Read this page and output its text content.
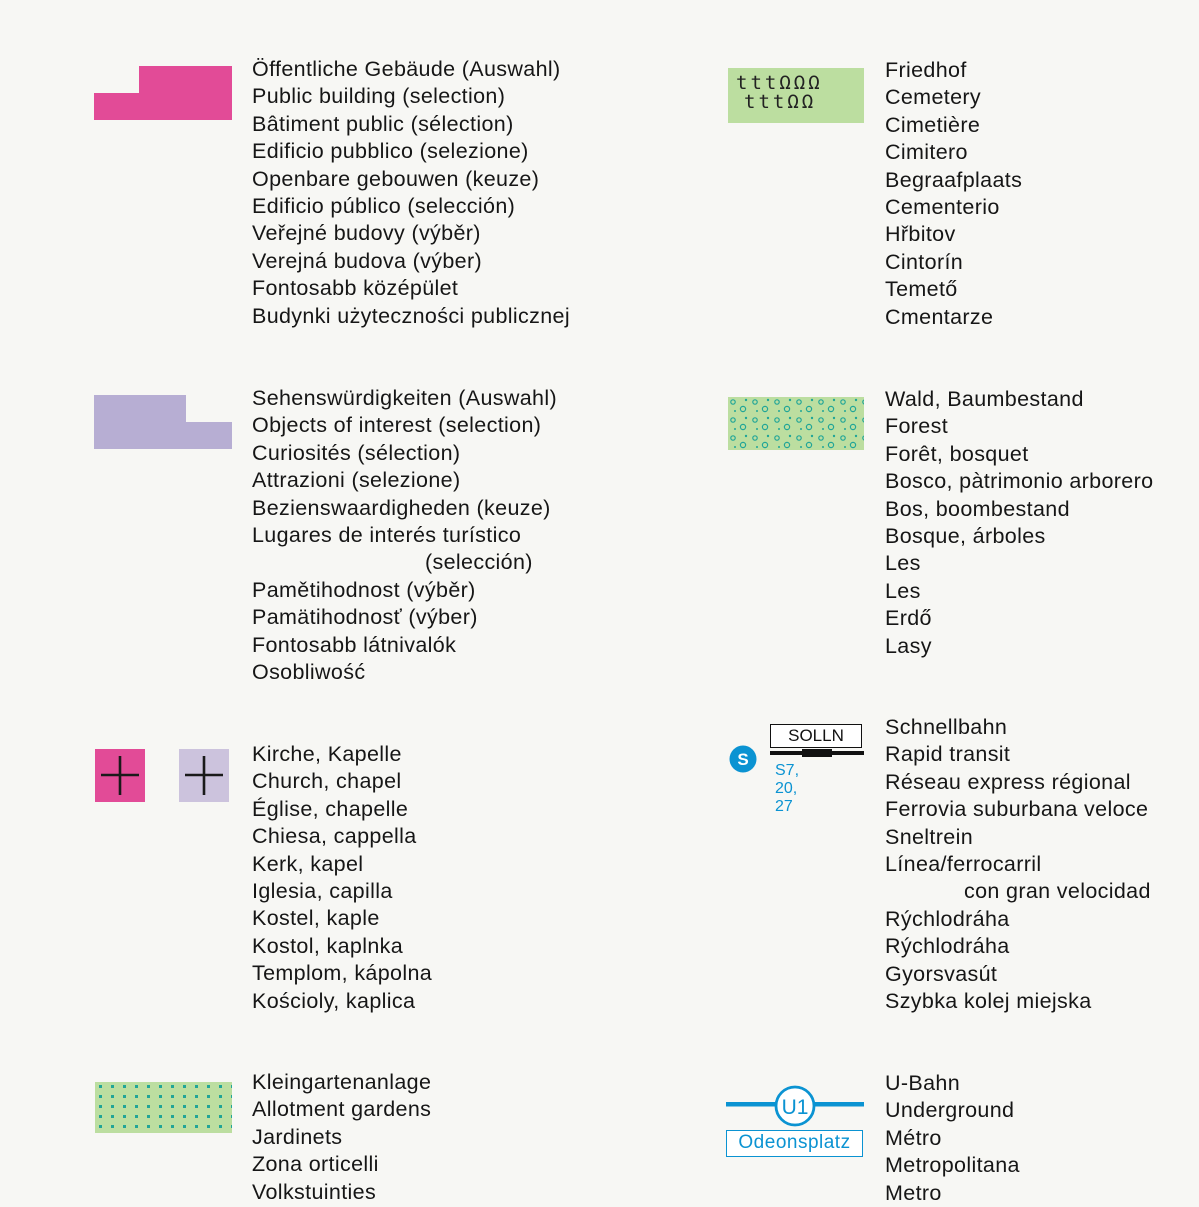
Öffentliche Gebäude (Auswahl)
Public building (selection)
Bâtiment public (sélection)
Edificio pubblico (selezione)
Openbare gebouwen (keuze)
Edificio público (selección)
Veřejné budovy (výběr)
Verejná budova (výber)
Fontosabb középület
Budynki użyteczności publicznej
Sehenswürdigkeiten (Auswahl)
Objects of interest (selection)
Curiosités (sélection)
Attrazioni (selezione)
Bezienswaardigheden (keuze)
Lugares de interés turístico
(selección)
Pamětihodnost (výběr)
Pamätihodnosť (výber)
Fontosabb látnivalók
Osobliwość
Kirche, Kapelle
Church, chapel
Église, chapelle
Chiesa, cappella
Kerk, kapel
Iglesia, capilla
Kostel, kaple
Kostol, kaplnka
Templom, kápolna
Kościoly, kaplica
Kleingartenanlage
Allotment gardens
Jardinets
Zona orticelli
Volkstuinties
tttΩΩΩ
tttΩΩ
Friedhof
Cemetery
Cimetière
Cimitero
Begraafplaats
Cementerio
Hřbitov
Cintorín
Temető
Cmentarze
Wald, Baumbestand
Forest
Forêt, bosquet
Bosco, pàtrimonio arborero
Bos, boombestand
Bosque, árboles
Les
Les
Erdő
Lasy
SOLLN
S
S7, 20, 27
Schnellbahn
Rapid transit
Réseau express régional
Ferrovia suburbana veloce
Sneltrein
Línea/ferrocarril
con gran velocidad
Rýchlodráha
Rýchlodráha
Gyorsvasút
Szybka kolej miejska
U1
Odeonsplatz
U-Bahn
Underground
Métro
Metropolitana
Metro
